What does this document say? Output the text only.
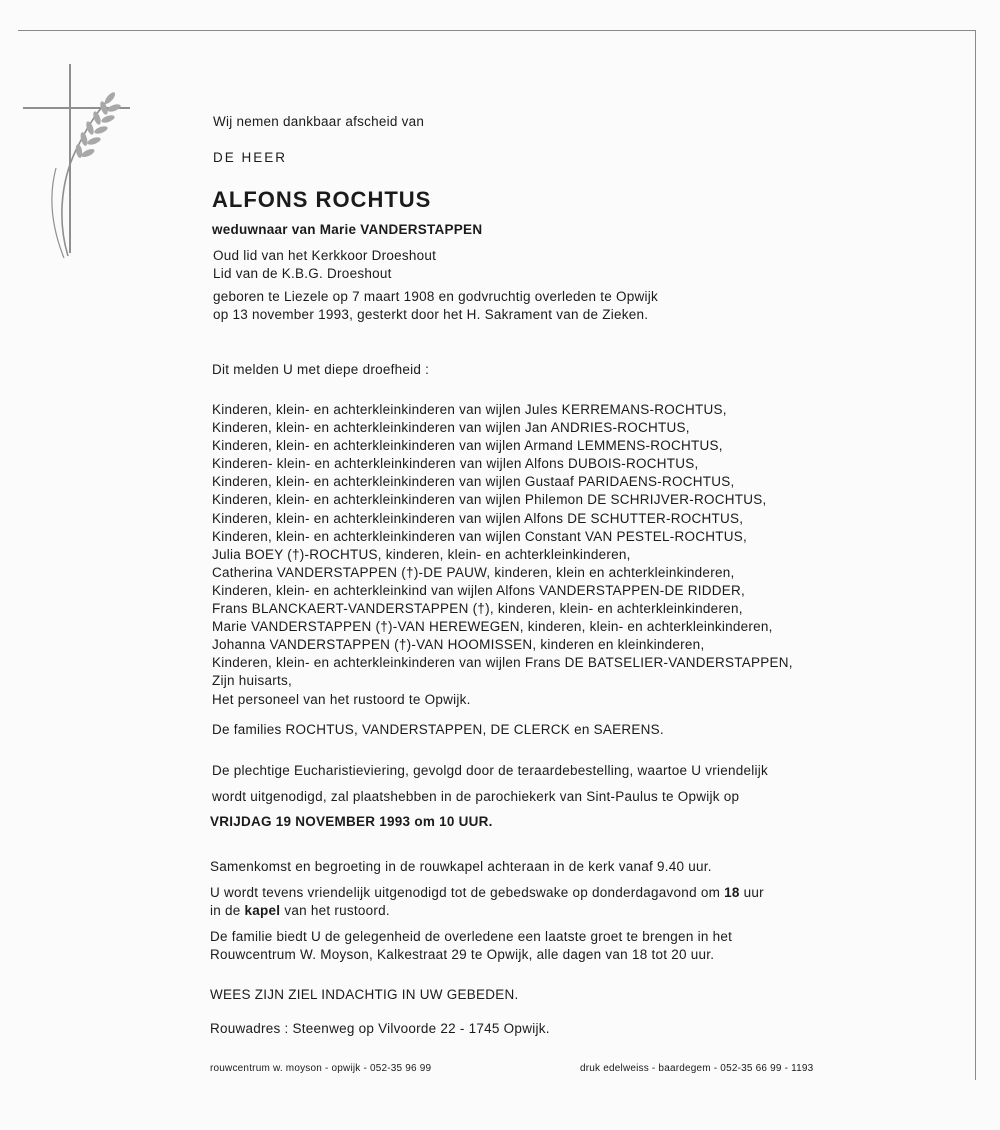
Wij nemen dankbaar afscheid van
DE HEER
ALFONS ROCHTUS
weduwnaar van Marie VANDERSTAPPEN
Oud lid van het Kerkkoor Droeshout
Lid van de K.B.G. Droeshout
geboren te Liezele op 7 maart 1908 en godvruchtig overleden te Opwijk
op 13 november 1993, gesterkt door het H. Sakrament van de Zieken.
Dit melden U met diepe droefheid :
Kinderen, klein- en achterkleinkinderen van wijlen Jules KERREMANS-ROCHTUS,
Kinderen, klein- en achterkleinkinderen van wijlen Jan ANDRIES-ROCHTUS,
Kinderen, klein- en achterkleinkinderen van wijlen Armand LEMMENS-ROCHTUS,
Kinderen- klein- en achterkleinkinderen van wijlen Alfons DUBOIS-ROCHTUS,
Kinderen, klein- en achterkleinkinderen van wijlen Gustaaf PARIDAENS-ROCHTUS,
Kinderen, klein- en achterkleinkinderen van wijlen Philemon DE SCHRIJVER-ROCHTUS,
Kinderen, klein- en achterkleinkinderen van wijlen Alfons DE SCHUTTER-ROCHTUS,
Kinderen, klein- en achterkleinkinderen van wijlen Constant VAN PESTEL-ROCHTUS,
Julia BOEY (†)-ROCHTUS, kinderen, klein- en achterkleinkinderen,
Catherina VANDERSTAPPEN (†)-DE PAUW, kinderen, klein en achterkleinkinderen,
Kinderen, klein- en achterkleinkind van wijlen Alfons VANDERSTAPPEN-DE RIDDER,
Frans BLANCKAERT-VANDERSTAPPEN (†), kinderen, klein- en achterkleinkinderen,
Marie VANDERSTAPPEN (†)-VAN HEREWEGEN, kinderen, klein- en achterkleinkinderen,
Johanna VANDERSTAPPEN (†)-VAN HOOMISSEN, kinderen en kleinkinderen,
Kinderen, klein- en achterkleinkinderen van wijlen Frans DE BATSELIER-VANDERSTAPPEN,
Zijn huisarts,
Het personeel van het rustoord te Opwijk.
De families ROCHTUS, VANDERSTAPPEN, DE CLERCK en SAERENS.
De plechtige Eucharistieviering, gevolgd door de teraardebestelling, waartoe U vriendelijk
wordt uitgenodigd, zal plaatshebben in de parochiekerk van Sint-Paulus te Opwijk op
VRIJDAG 19 NOVEMBER 1993 om 10 UUR.
Samenkomst en begroeting in de rouwkapel achteraan in de kerk vanaf 9.40 uur.
U wordt tevens vriendelijk uitgenodigd tot de gebedswake op donderdagavond om 18 uur
in de kapel van het rustoord.
De familie biedt U de gelegenheid de overledene een laatste groet te brengen in het
Rouwcentrum W. Moyson, Kalkestraat 29 te Opwijk, alle dagen van 18 tot 20 uur.
WEES ZIJN ZIEL INDACHTIG IN UW GEBEDEN.
Rouwadres : Steenweg op Vilvoorde 22 - 1745 Opwijk.
rouwcentrum w. moyson - opwijk - 052-35 96 99	druk edelweiss - baardegem - 052-35 66 99 - 1193
